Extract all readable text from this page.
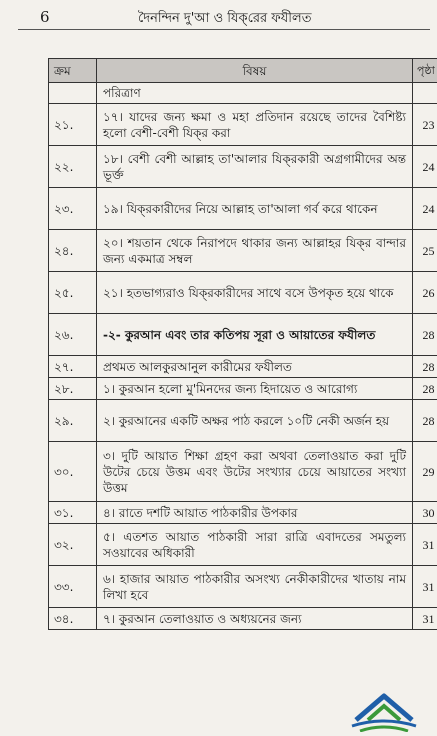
6	দৈনন্দিন দু'আ ও যিক্‌রের ফযীলত
ক্রম	বিষয়	পৃষ্ঠা
	পরিত্রাণ	
২১.	১৭। যাদের জন্য ক্ষমা ও মহা প্রতিদান রয়েছে তাদের বৈশিষ্ট্য হলো বেশী-বেশী যিক্‌র করা	23
২২.	১৮। বেশী বেশী আল্লাহ তা'আলার যিক্‌রকারী অগ্রগামীদের অন্ত ভূর্ক্ত	24
২৩.	১৯। যিক্‌রকারীদের নিয়ে আল্লাহ তা'আলা গর্ব করে থাকেন	24
২৪.	২০। শয়তান থেকে নিরাপদে থাকার জন্য আল্লাহর যিক্‌র বান্দার জন্য একমাত্র সম্বল	25
২৫.	২১। হতভাগ্যরাও যিক্‌রকারীদের সাথে বসে উপকৃত হয়ে থাকে	26
২৬.	-২- কুরআন এবং তার কতিপয় সূরা ও আয়াতের ফযীলত	28
২৭.	প্রথমত আলকুরআনুল কারীমের ফযীলত	28
২৮.	১। কুরআন হলো মু'মিনদের জন্য হিদায়েত ও আরোগ্য	28
২৯.	২। কুরআনের একটি অক্ষর পাঠ করলে ১০টি নেকী অর্জন হয়	28
৩০.	৩। দুটি আয়াত শিক্ষা গ্রহণ করা অথবা তেলাওয়াত করা দুটি উটের চেয়ে উত্তম এবং উটের সংখ্যার চেয়ে আয়াতের সংখ্যা উত্তম	29
৩১.	৪। রাতে দশটি আয়াত পাঠকারীর উপকার	30
৩২.	৫। এতশত আয়াত পাঠকারী সারা রাত্রি এবাদতের সমতুল্য সওয়াবের অধিকারী	31
৩৩.	৬। হাজার আয়াত পাঠকারীর অসংখ্য নেকীকারীদের খাতায় নাম লিখা হবে	31
৩৪.	৭। কুরআন তেলাওয়াত ও অধ্যয়নের জন্য	31
